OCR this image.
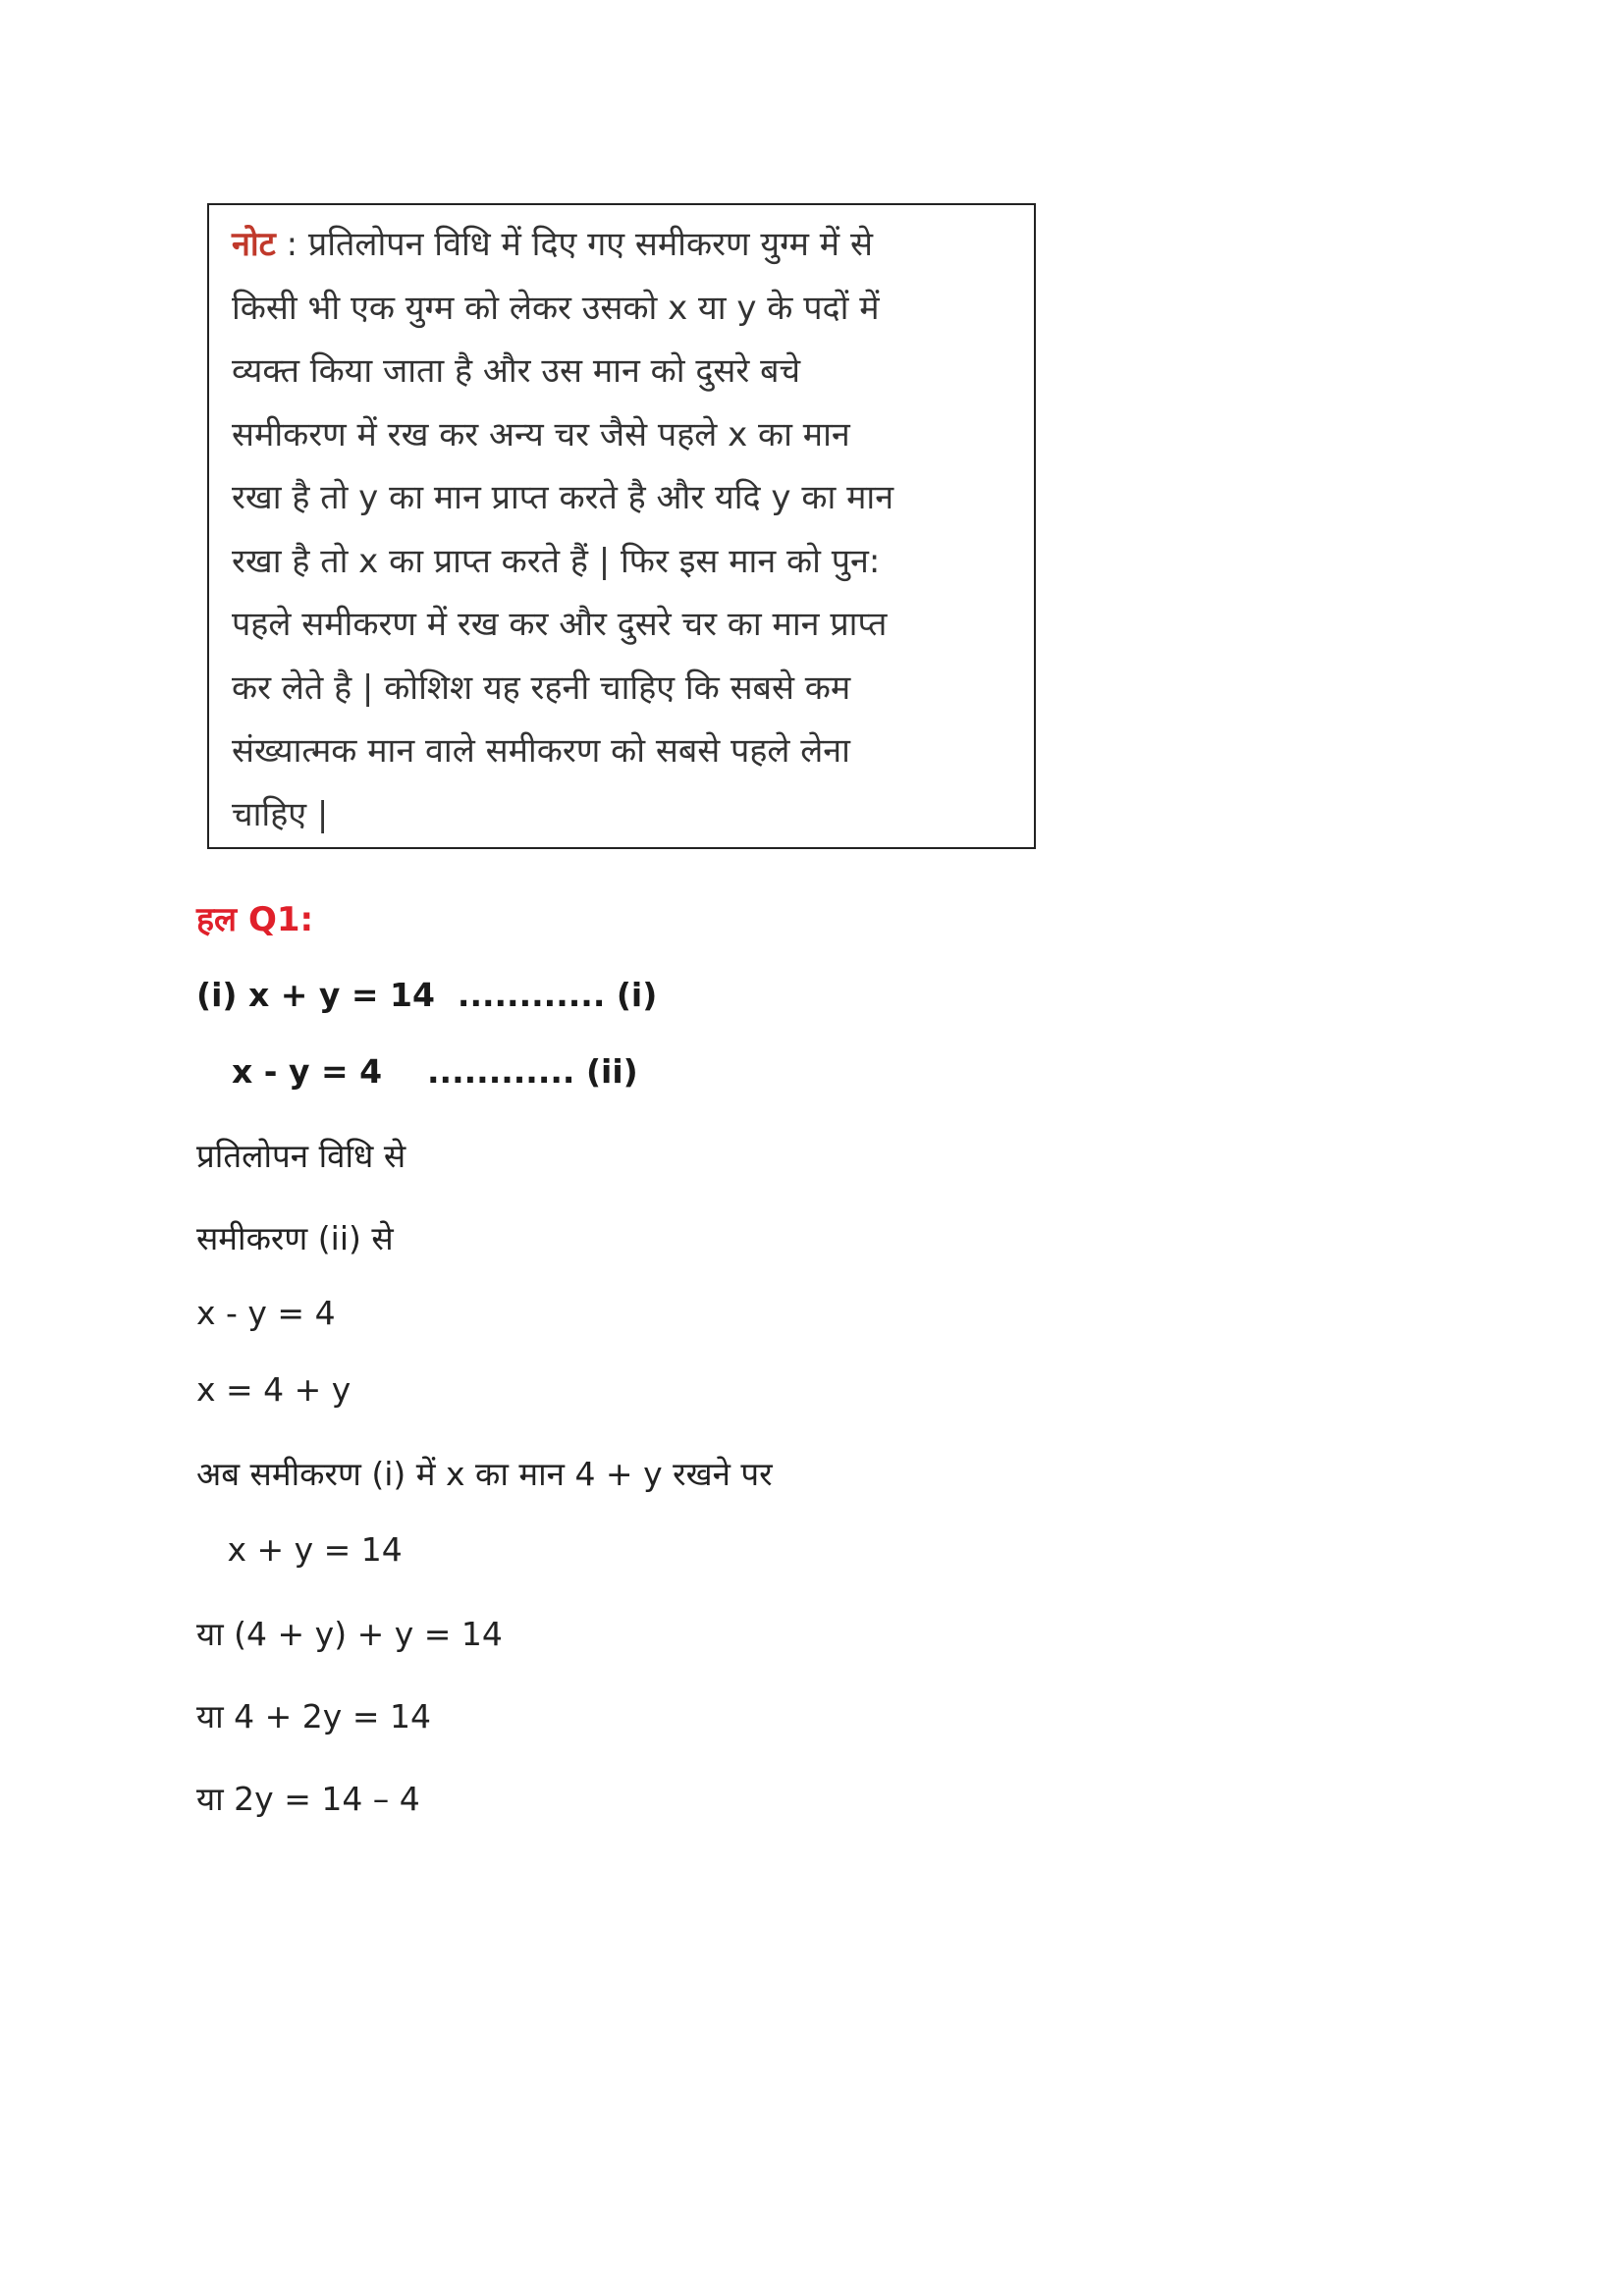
नोट : प्रतिलोपन विधि में दिए गए समीकरण युग्म में से
किसी भी एक युग्म को लेकर उसको x या y के पदों में
व्यक्त किया जाता है और उस मान को दुसरे बचे
समीकरण में रख कर अन्य चर जैसे पहले x का मान
रखा है तो y का मान प्राप्त करते है और यदि y का मान
रखा है तो x का प्राप्त करते हैं | फिर इस मान को पुन:
पहले समीकरण में रख कर और दुसरे चर का मान प्राप्त
कर लेते है | कोशिश यह रहनी चाहिए कि सबसे कम
संख्यात्मक मान वाले समीकरण को सबसे पहले लेना
चाहिए |
हल Q1:
(i) x + y = 14  ............ (i)
x - y = 4    ............ (ii)
प्रतिलोपन विधि से
समीकरण (ii) से
x - y = 4
x = 4 + y
अब समीकरण (i) में x का मान 4 + y रखने पर
x + y = 14
या (4 + y) + y = 14
या 4 + 2y = 14
या 2y = 14 – 4
